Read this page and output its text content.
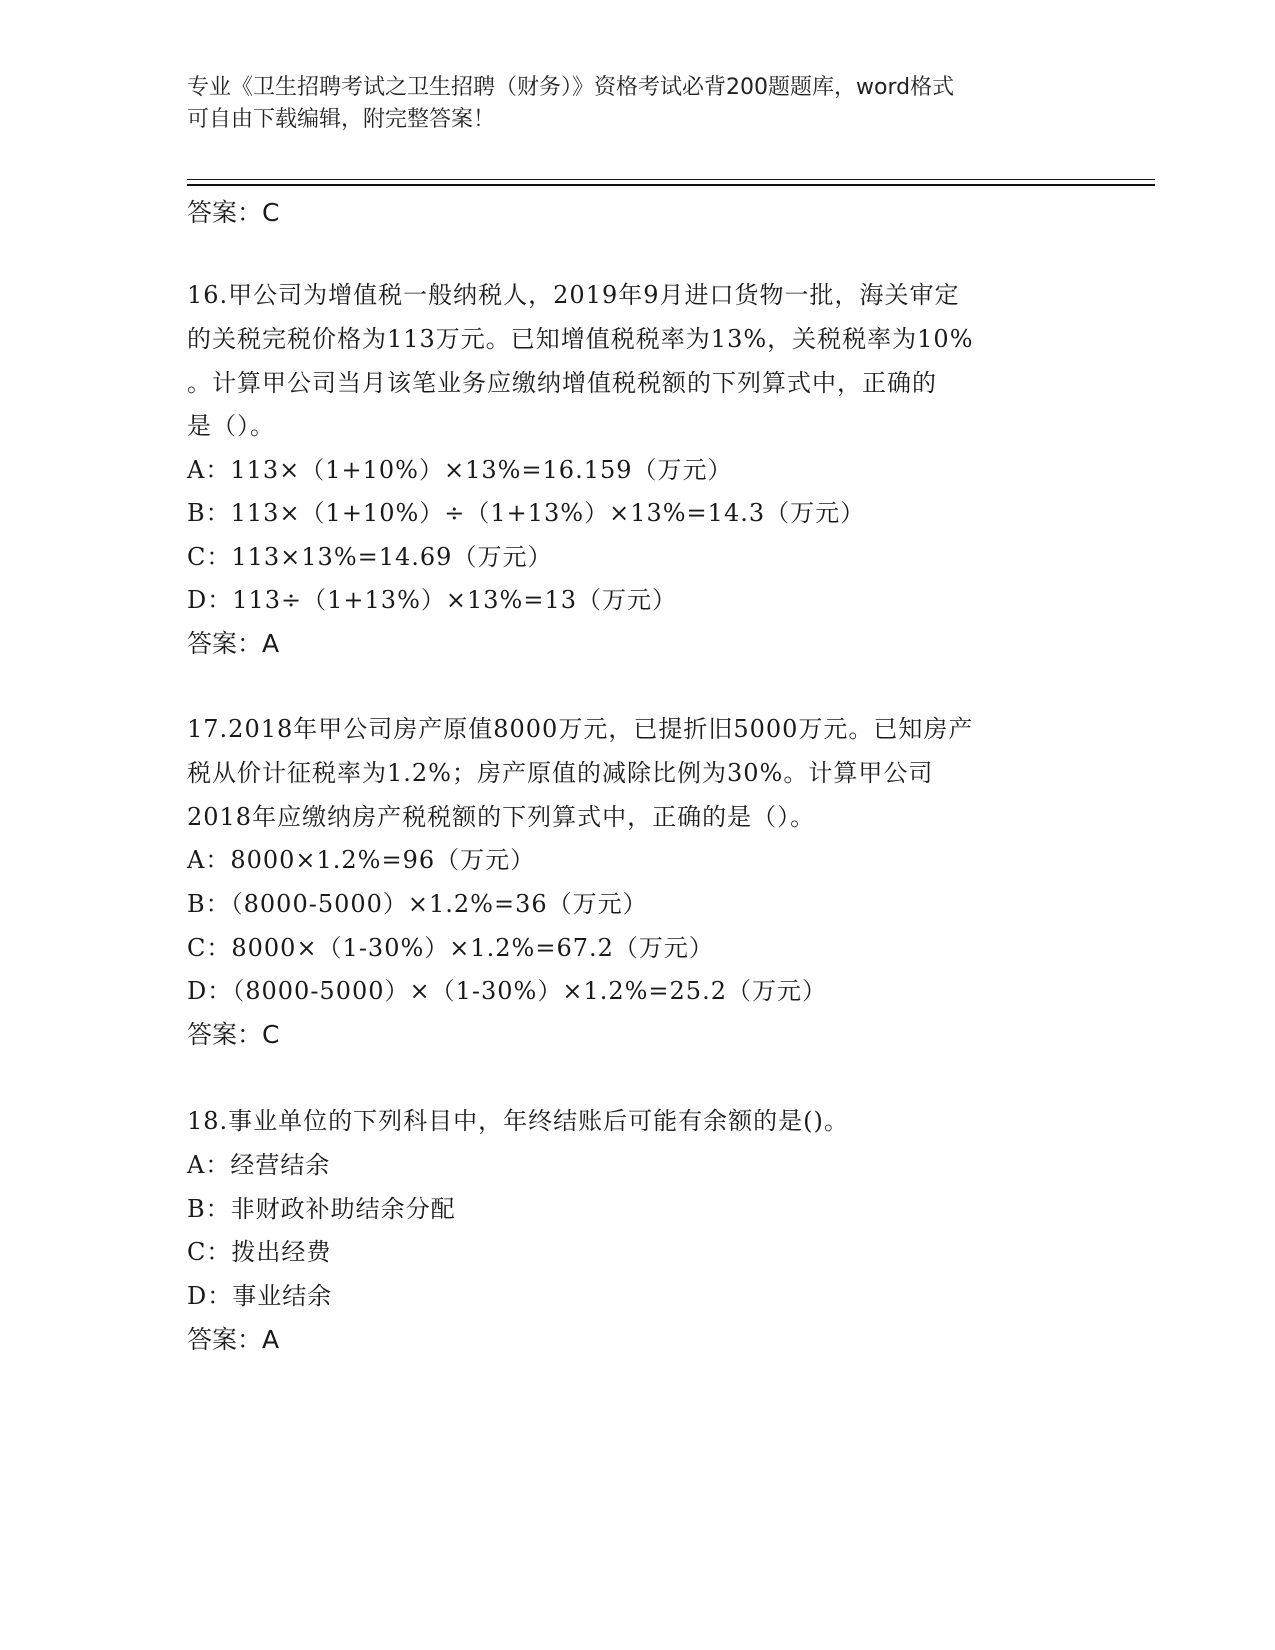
专业《卫生招聘考试之卫生招聘（财务）》资格考试必背200题题库，word格式
可自由下载编辑，附完整答案！
答案：C
16.甲公司为增值税一般纳税人，2019年9月进口货物一批，海关审定
的关税完税价格为113万元。已知增值税税率为13%，关税税率为10%
。计算甲公司当月该笔业务应缴纳增值税税额的下列算式中，正确的
是（）。
A：113×（1+10%）×13%=16.159（万元）
B：113×（1+10%）÷（1+13%）×13%=14.3（万元）
C：113×13%=14.69（万元）
D：113÷（1+13%）×13%=13（万元）
答案：A
17.2018年甲公司房产原值8000万元，已提折旧5000万元。已知房产
税从价计征税率为1.2%；房产原值的减除比例为30%。计算甲公司
2018年应缴纳房产税税额的下列算式中，正确的是（）。
A：8000×1.2%=96（万元）
B：（8000-5000）×1.2%=36（万元）
C：8000×（1-30%）×1.2%=67.2（万元）
D：（8000-5000）×（1-30%）×1.2%=25.2（万元）
答案：C
18.事业单位的下列科目中，年终结账后可能有余额的是()。
A：经营结余
B：非财政补助结余分配
C：拨出经费
D：事业结余
答案：A
